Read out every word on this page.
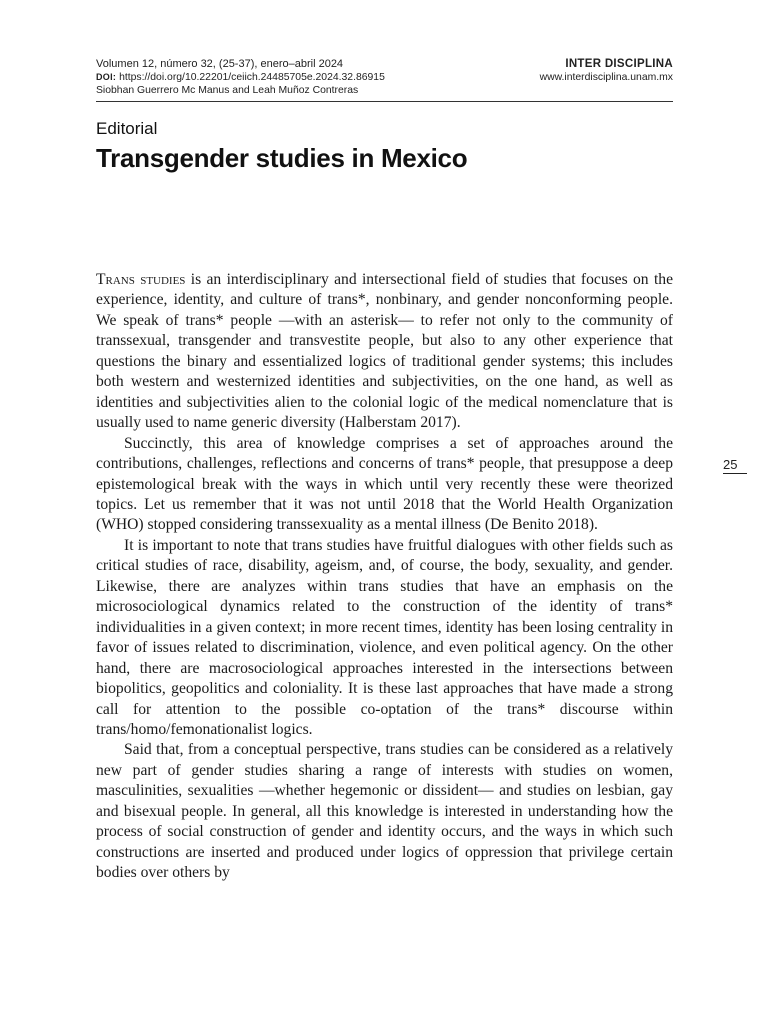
Volumen 12, número 32, (25-37), enero–abril 2024
DOI: https://doi.org/10.22201/ceiich.24485705e.2024.32.86915
Siobhan Guerrero Mc Manus and Leah Muñoz Contreras
INTER DISCIPLINA
www.interdisciplina.unam.mx
Editorial
Transgender studies in Mexico

Trans studies is an interdisciplinary and intersectional field of studies that focuses on the experience, identity, and culture of trans*, nonbinary, and gender nonconforming people. We speak of trans* people —with an asterisk— to refer not only to the community of transsexual, transgender and transvestite people, but also to any other experience that questions the binary and essentialized logics of traditional gender systems; this includes both western and westernized identities and subjectivities, on the one hand, as well as identities and subjectivities alien to the colonial logic of the medical nomenclature that is usually used to name generic diversity (Halberstam 2017).

Succinctly, this area of knowledge comprises a set of approaches around the contributions, challenges, reflections and concerns of trans* people, that presuppose a deep epistemological break with the ways in which until very recently these were theorized topics. Let us remember that it was not until 2018 that the World Health Organization (WHO) stopped considering transsexuality as a mental illness (De Benito 2018).

It is important to note that trans studies have fruitful dialogues with other fields such as critical studies of race, disability, ageism, and, of course, the body, sexuality, and gender. Likewise, there are analyzes within trans studies that have an emphasis on the microsociological dynamics related to the construction of the identity of trans* individualities in a given context; in more recent times, identity has been losing centrality in favor of issues related to discrimination, violence, and even political agency. On the other hand, there are macrosociological approaches interested in the intersections between biopolitics, geopolitics and coloniality. It is these last approaches that have made a strong call for attention to the possible co-optation of the trans* discourse within trans/homo/femonationalist logics.

Said that, from a conceptual perspective, trans studies can be considered as a relatively new part of gender studies sharing a range of interests with studies on women, masculinities, sexualities —whether hegemonic or dissident— and studies on lesbian, gay and bisexual people. In general, all this knowledge is interested in understanding how the process of social construction of gender and identity occurs, and the ways in which such constructions are inserted and produced under logics of oppression that privilege certain bodies over others by

25
